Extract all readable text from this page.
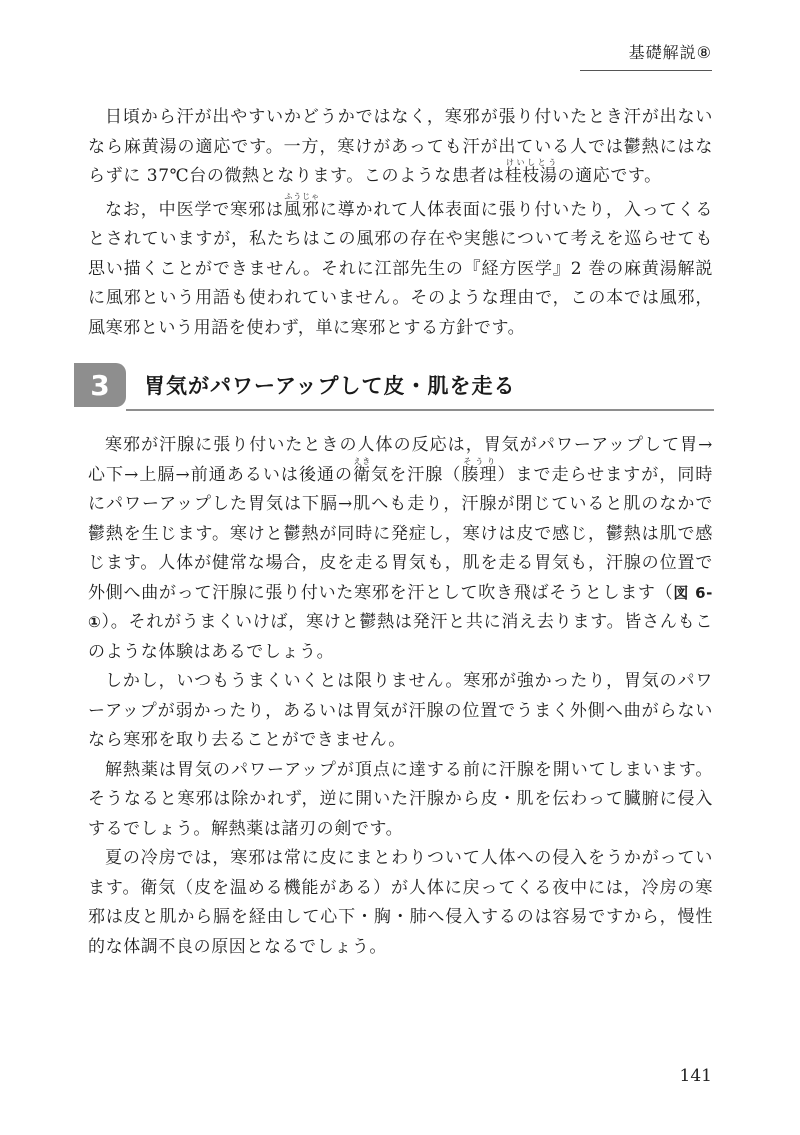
基礎解説⑧

日頃から汗が出やすいかどうかではなく，寒邪が張り付いたとき汗が出ないなら麻黄湯の適応です。一方，寒けがあっても汗が出ている人では鬱熱にはならずに 37℃台の微熱となります。このような患者は桂枝湯けいしとうの適応です。

なお，中医学で寒邪は風邪ふうじゃに導かれて人体表面に張り付いたり，入ってくるとされていますが，私たちはこの風邪の存在や実態について考えを巡らせても思い描くことができません。それに江部先生の『経方医学』2 巻の麻黄湯解説に風邪という用語も使われていません。そのような理由で，この本では風邪，風寒邪という用語を使わず，単に寒邪とする方針です。

3 胃気がパワーアップして皮・肌を走る

寒邪が汗腺に張り付いたときの人体の反応は，胃気がパワーアップして胃→心下→上膈→前通あるいは後通の衛えき気を汗腺（腠理そうり）まで走らせますが，同時にパワーアップした胃気は下膈→肌へも走り，汗腺が閉じていると肌のなかで鬱熱を生じます。寒けと鬱熱が同時に発症し，寒けは皮で感じ，鬱熱は肌で感じます。人体が健常な場合，皮を走る胃気も，肌を走る胃気も，汗腺の位置で外側へ曲がって汗腺に張り付いた寒邪を汗として吹き飛ばそうとします（図 6- ①）。それがうまくいけば，寒けと鬱熱は発汗と共に消え去ります。皆さんもこのような体験はあるでしょう。

しかし，いつもうまくいくとは限りません。寒邪が強かったり，胃気のパワーアップが弱かったり，あるいは胃気が汗腺の位置でうまく外側へ曲がらないなら寒邪を取り去ることができません。

解熱薬は胃気のパワーアップが頂点に達する前に汗腺を開いてしまいます。そうなると寒邪は除かれず，逆に開いた汗腺から皮・肌を伝わって臓腑に侵入するでしょう。解熱薬は諸刃の剣です。

夏の冷房では，寒邪は常に皮にまとわりついて人体への侵入をうかがっています。衛気（皮を温める機能がある）が人体に戻ってくる夜中には，冷房の寒邪は皮と肌から膈を経由して心下・胸・肺へ侵入するのは容易ですから，慢性的な体調不良の原因となるでしょう。

141
